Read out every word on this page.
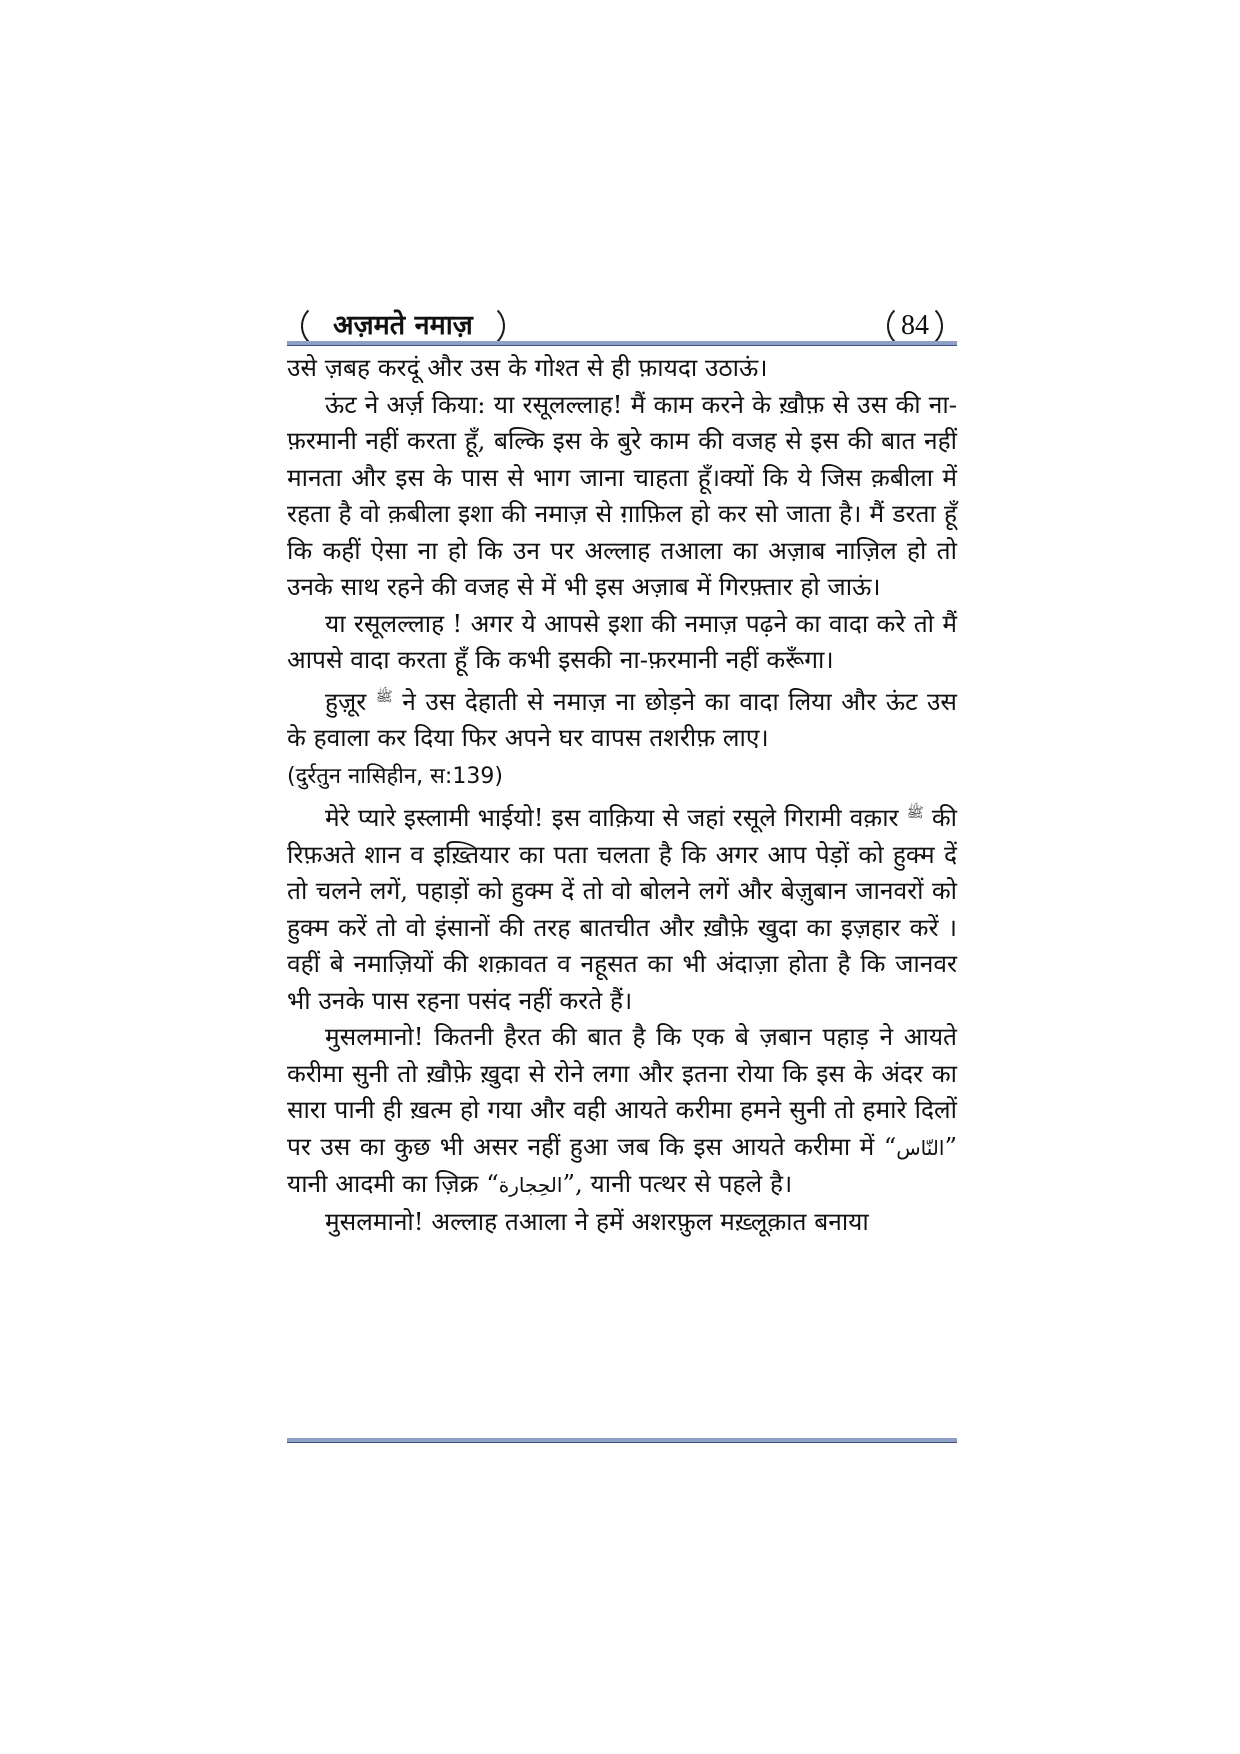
अज़मते नमाज़	84

उसे ज़बह करदूं और उस के गोश्त से ही फ़ायदा उठाऊं।

ऊंट ने अर्ज़ किया: या रसूलल्लाह! मैं काम करने के ख़ौफ़ से उस की ना-फ़रमानी नहीं करता हूँ, बल्कि इस के बुरे काम की वजह से इस की बात नहीं मानता और इस के पास से भाग जाना चाहता हूँ।क्यों कि ये जिस क़बीला में रहता है वो क़बीला इशा की नमाज़ से ग़ाफ़िल हो कर सो जाता है। मैं डरता हूँ कि कहीं ऐसा ना हो कि उन पर अल्लाह तआला का अज़ाब नाज़िल हो तो उनके साथ रहने की वजह से में भी इस अज़ाब में गिरफ़्तार हो जाऊं।

या रसूलल्लाह ! अगर ये आपसे इशा की नमाज़ पढ़ने का वादा करे तो मैं आपसे वादा करता हूँ कि कभी इसकी ना-फ़रमानी नहीं करूँगा।

हुज़ूर $^ﷺ$ ने उस देहाती से नमाज़ ना छोड़ने का वादा लिया और ऊंट उस के हवाला कर दिया फिर अपने घर वापस तशरीफ़ लाए।
(दुर्रतुन नासिहीन, स:139)

मेरे प्यारे इस्लामी भाईयो! इस वाक़िया से जहां रसूले गिरामी वक़ार $^ﷺ$ की रिफ़अते शान व इख़्तियार का पता चलता है कि अगर आप पेड़ों को हुक्म दें तो चलने लगें, पहाड़ों को हुक्म दें तो वो बोलने लगें और बेज़ुबान जानवरों को हुक्म करें तो वो इंसानों की तरह बातचीत और ख़ौफ़े खुदा का इज़हार करें । वहीं बे नमाज़ियों की शक़ावत व नहूसत का भी अंदाज़ा होता है कि जानवर भी उनके पास रहना पसंद नहीं करते हैं।

मुसलमानो! कितनी हैरत की बात है कि एक बे ज़बान पहाड़ ने आयते करीमा सुनी तो ख़ौफ़े ख़ुदा से रोने लगा और इतना रोया कि इस के अंदर का सारा पानी ही ख़त्म हो गया और वही आयते करीमा हमने सुनी तो हमारे दिलों पर उस का कुछ भी असर नहीं हुआ जब कि इस आयते करीमा में “النّاس” यानी आदमी का ज़िक्र “الحِجارة”, यानी पत्थर से पहले है।

मुसलमानो! अल्लाह तआला ने हमें अशरफ़ुल मख़्लूक़ात बनाया
